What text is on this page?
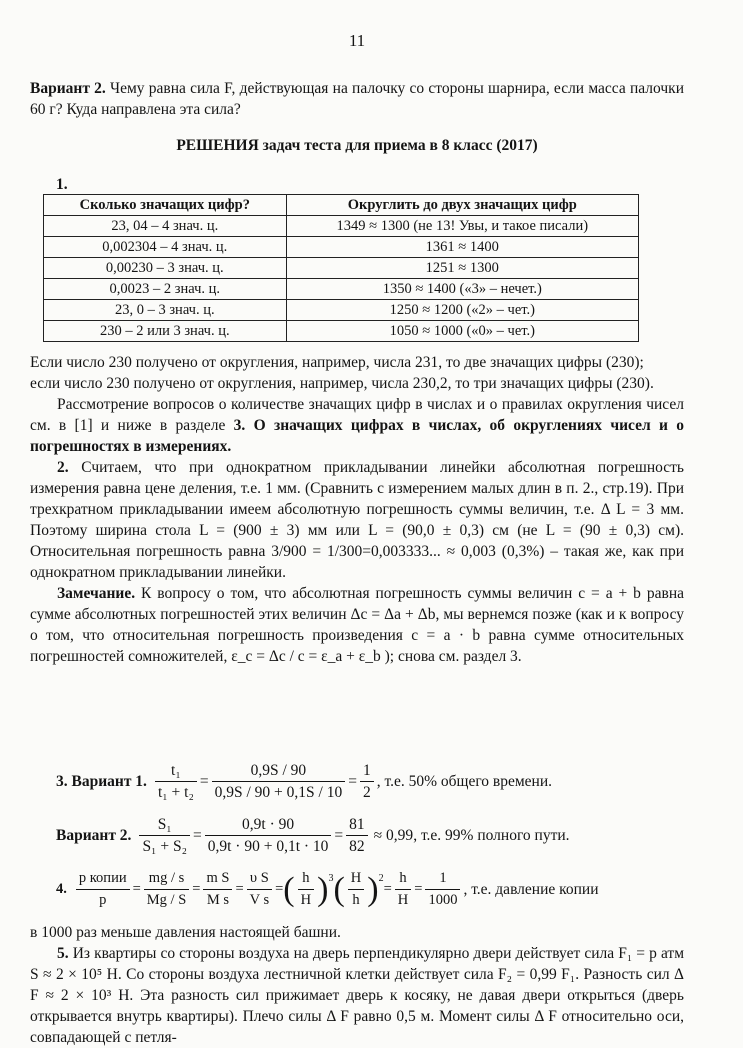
11

Вариант 2. Чему равна сила F, действующая на палочку со стороны шарнира, если масса палочки 60 г? Куда направлена эта сила?

РЕШЕНИЯ задач теста для приема в 8 класс (2017)

1.
Сколько значащих цифр?	Округлить до двух значащих цифр
23, 04 – 4 знач. ц.	1349 ≈ 1300 (не 13! Увы, и такое писали)
0,002304 – 4 знач. ц.	1361 ≈ 1400
0,00230 – 3 знач. ц.	1251 ≈ 1300
0,0023 – 2 знач. ц.	1350 ≈ 1400 («3» – нечет.)
23, 0 – 3 знач. ц.	1250 ≈ 1200 («2» – чет.)
230 – 2 или 3 знач. ц.	1050 ≈ 1000 («0» – чет.)

Если число 230 получено от округления, например, числа 231, то две значащих цифры (230);

если число 230 получено от округления, например, числа 230,2, то три значащих цифры (230).

Рассмотрение вопросов о количестве значащих цифр в числах и о правилах округления чисел см. в [1] и ниже в разделе 3. О значащих цифрах в числах, об округлениях чисел и о погрешностях в измерениях.

2. Считаем, что при однократном прикладывании линейки абсолютная погрешность измерения равна цене деления, т.е. 1 мм. (Сравнить с измерением малых длин в п. 2., стр.19). При трехкратном прикладывании имеем абсолютную погрешность суммы величин, т.е. Δ L = 3 мм. Поэтому ширина стола L = (900 ± 3) мм или L = (90,0 ± 0,3) см (не L = (90 ± 0,3) см). Относительная погрешность равна 3/900 = 1/300=0,003333... ≈ 0,003 (0,3%) – такая же, как при однократном прикладывании линейки.

Замечание. К вопросу о том, что абсолютная погрешность суммы величин c = a + b равна сумме абсолютных погрешностей этих величин Δc = Δa + Δb, мы вернемся позже (как и к вопросу о том, что относительная погрешность произведения c = a · b равна сумме относительных погрешностей сомножителей, ε_c = Δc / c = ε_a + ε_b ); снова см. раздел 3.

3. Вариант 1. $\frac{\text{t₁}}{\text{t₁ + t₂}} = \frac{0,9S / 90}{0,9S / 90 + 0,1S / 10} = \frac{1}{2}$ , т.е. 50% общего времени.
Вариант 2. $\frac{\text{S₁}}{\text{S₁ + S₂}} = \frac{0,9t \cdot 90}{0,9t \cdot 90 + 0,1t \cdot 10} = \frac{81}{82} \approx 0,99$ , т.е. 99% полного пути.
4. $\frac{\text{p копии}}{p} = \frac{mg / s}{Mg / S} = \frac{\text{m S}}{\text{M s}} = \frac{\text{υ S}}{\text{V s}}$ = ( $\frac{h}{H} )^3$ ( $\frac{H}{h} )^2$
= $\frac{h}{H} = \frac{1}{1000}$ , т.е. давление копии

в 1000 раз меньше давления настоящей башни.

5. Из квартиры со стороны воздуха на дверь перпендикулярно двери действует сила F₁ = p атм S ≈ 2 × 10⁵ Н. Со стороны воздуха лестничной клетки действует сила F₂ = 0,99 F₁. Разность сил Δ F ≈ 2 × 10³ Н. Эта разность сил прижимает дверь к косяку, не давая двери открыться (дверь открывается внутрь квартиры). Плечо силы Δ F равно 0,5 м. Момент силы Δ F относительно оси, совпадающей с петля-
